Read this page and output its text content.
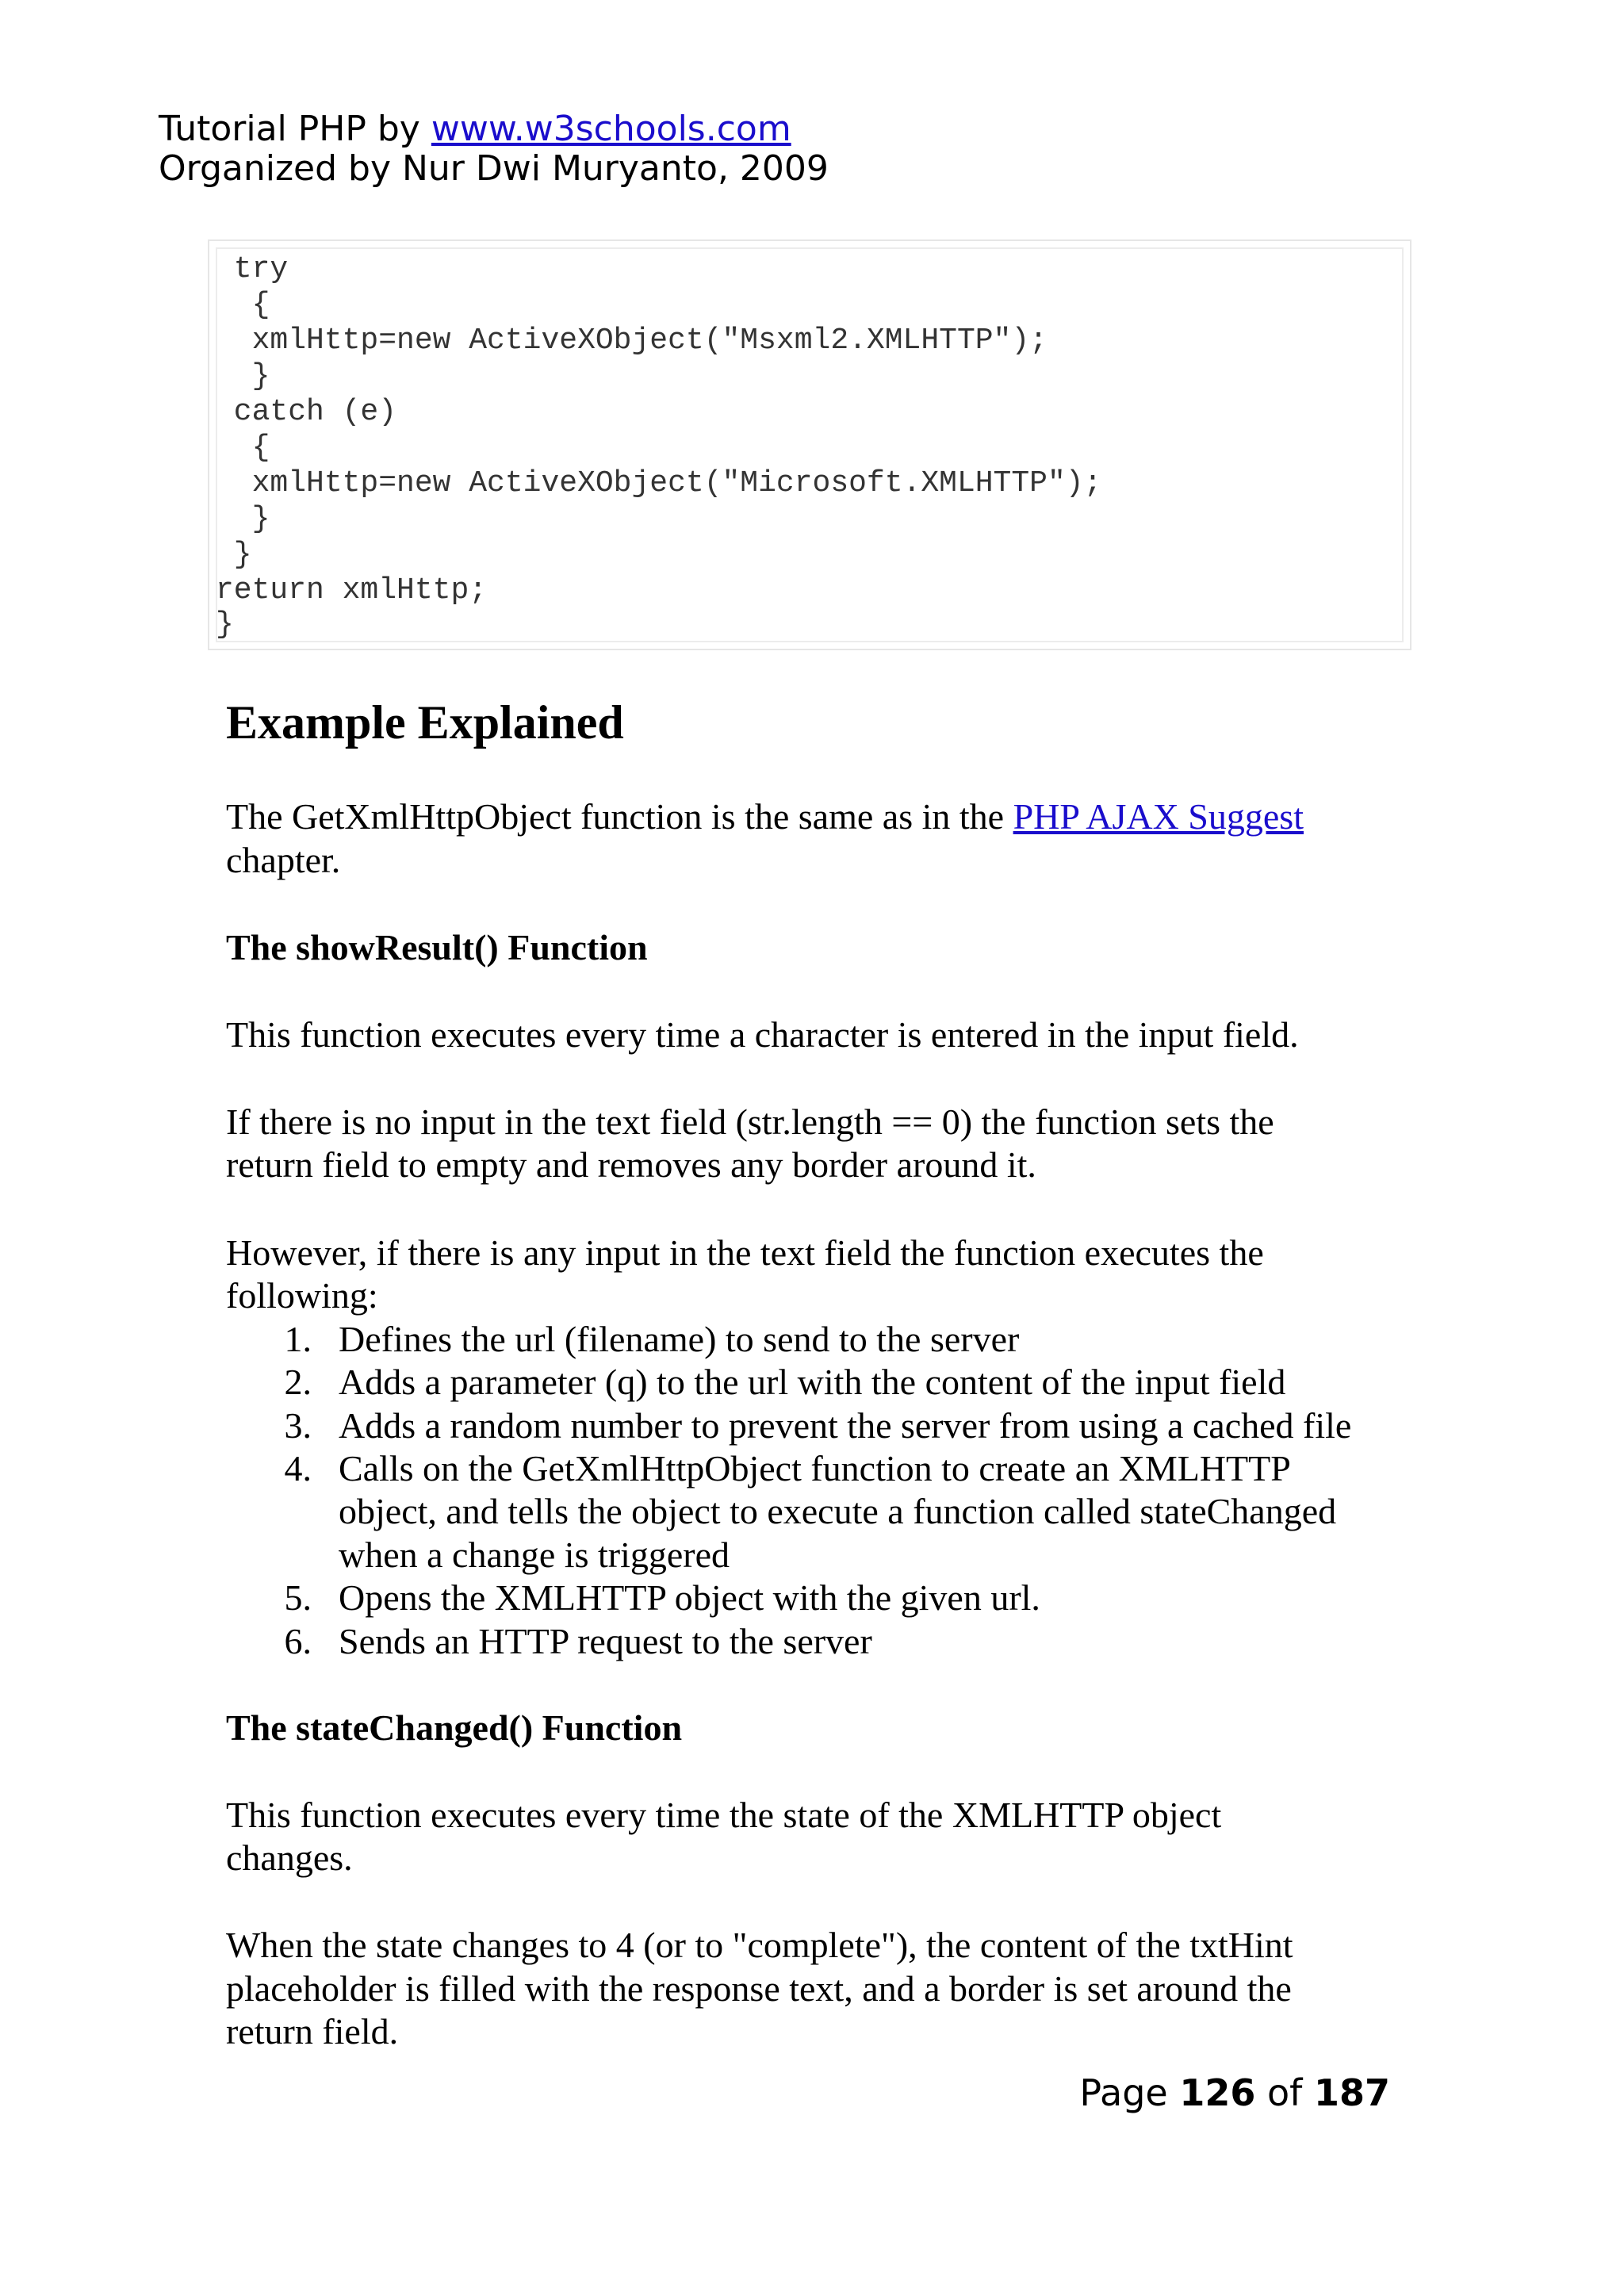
Tutorial PHP by www.w3schools.com
Organized by Nur Dwi Muryanto, 2009
try
{
xmlHttp=new ActiveXObject("Msxml2.XMLHTTP");
}
catch (e)
{
xmlHttp=new ActiveXObject("Microsoft.XMLHTTP");
}
}
return xmlHttp;
}
Example Explained
The GetXmlHttpObject function is the same as in the PHP AJAX Suggest
chapter.
The showResult() Function
This function executes every time a character is entered in the input field.
If there is no input in the text field (str.length == 0) the function sets the
return field to empty and removes any border around it.
However, if there is any input in the text field the function executes the
following:
1. Defines the url (filename) to send to the server
2. Adds a parameter (q) to the url with the content of the input field
3. Adds a random number to prevent the server from using a cached file
4. Calls on the GetXmlHttpObject function to create an XMLHTTP
object, and tells the object to execute a function called stateChanged
when a change is triggered
5. Opens the XMLHTTP object with the given url.
6. Sends an HTTP request to the server
The stateChanged() Function
This function executes every time the state of the XMLHTTP object
changes.
When the state changes to 4 (or to "complete"), the content of the txtHint
placeholder is filled with the response text, and a border is set around the
return field.
Page 126 of 187
